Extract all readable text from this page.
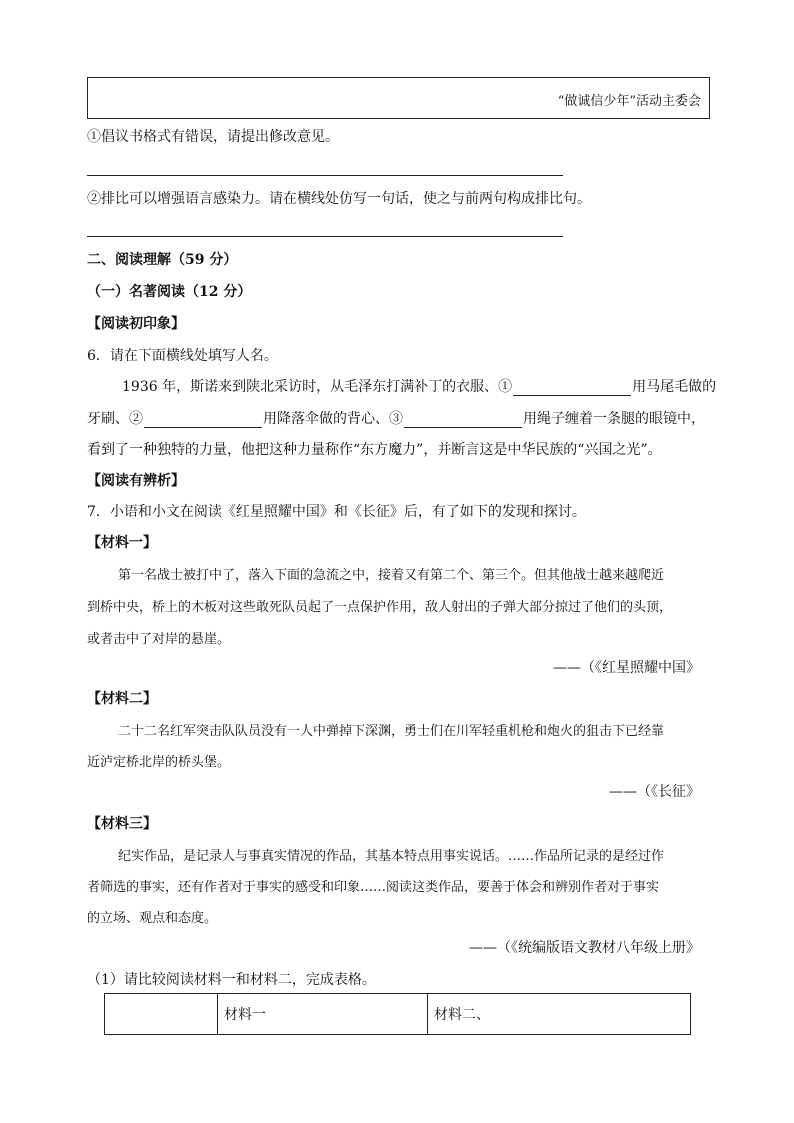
“做诚信少年”活动主委会
①倡议书格式有错误，请提出修改意见。
②排比可以增强语言感染力。请在横线处仿写一句话，使之与前两句构成排比句。
二、阅读理解（59 分）
（一）名著阅读（12 分）
【阅读初印象】
6．请在下面横线处填写人名。
1936 年，斯诺来到陕北采访时，从毛泽东打满补丁的衣服、①	用马尾毛做的
牙刷、②	用降落伞做的背心、③	用绳子缠着一条腿的眼镜中，
看到了一种独特的力量，他把这种力量称作“东方魔力”，并断言这是中华民族的“兴国之光”。
【阅读有辨析】
7．小语和小文在阅读《红星照耀中国》和《长征》后，有了如下的发现和探讨。
【材料一】
第一名战士被打中了，落入下面的急流之中，接着又有第二个、第三个。但其他战士越来越爬近
到桥中央，桥上的木板对这些敢死队员起了一点保护作用，敌人射出的子弹大部分掠过了他们的头顶，
或者击中了对岸的悬崖。
——（《红星照耀中国》
【材料二】
二十二名红军突击队队员没有一人中弹掉下深渊，勇士们在川军轻重机枪和炮火的狙击下已经靠
近泸定桥北岸的桥头堡。
——（《长征》
【材料三】
纪实作品，是记录人与事真实情况的作品，其基本特点用事实说话。……作品所记录的是经过作
者筛选的事实，还有作者对于事实的感受和印象……阅读这类作品，要善于体会和辨别作者对于事实
的立场、观点和态度。
——（《统编版语文教材八年级上册》
（1）请比较阅读材料一和材料二，完成表格。
	材料一	材料二、
